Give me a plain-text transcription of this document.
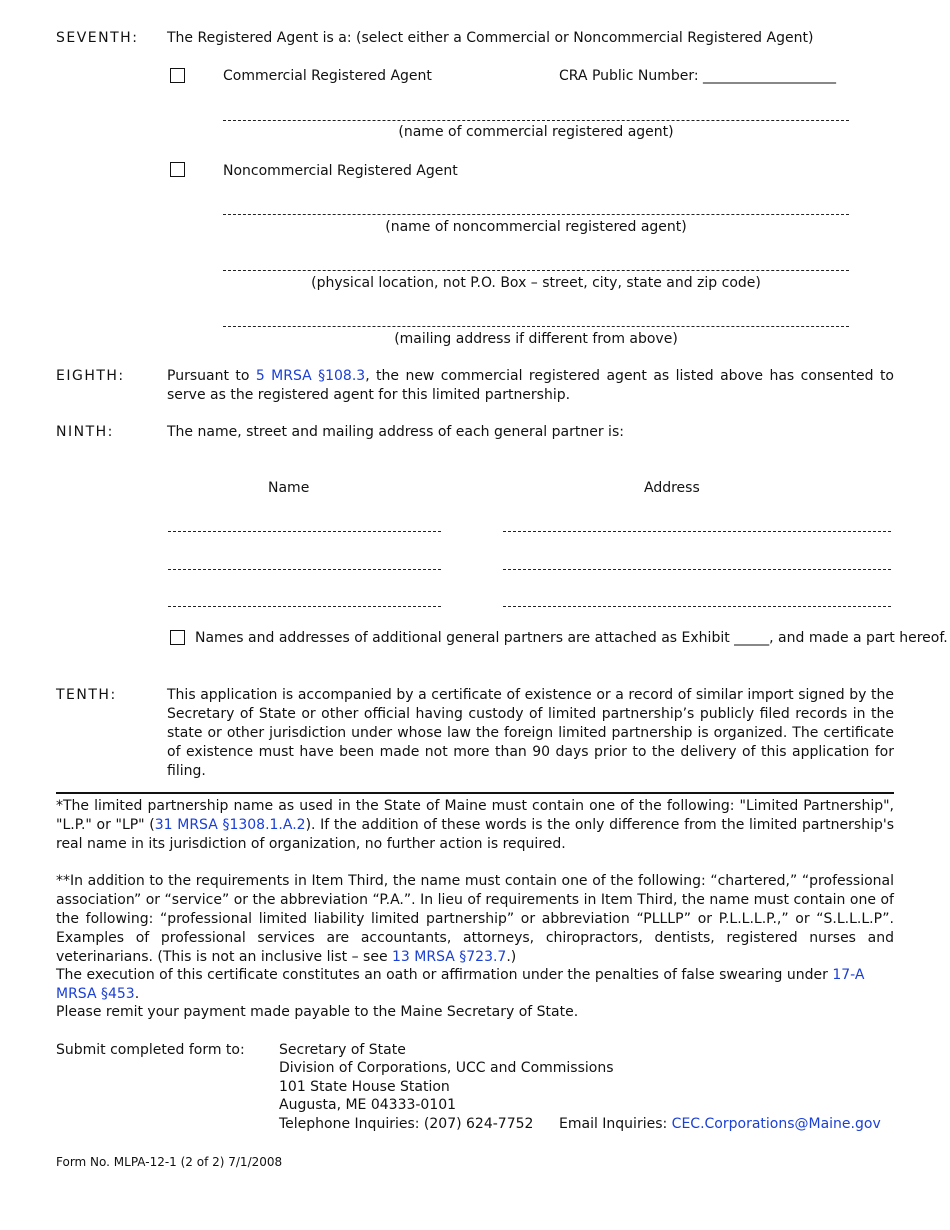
SEVENTH: The Registered Agent is a: (select either a Commercial or Noncommercial Registered Agent)
Commercial Registered Agent	CRA Public Number: ___________________
(name of commercial registered agent)
Noncommercial Registered Agent
(name of noncommercial registered agent)
(physical location, not P.O. Box – street, city, state and zip code)
(mailing address if different from above)
EIGHTH:	Pursuant to 5 MRSA §108.3, the new commercial registered agent as listed above has consented to serve as the registered agent for this limited partnership.
NINTH:	The name, street and mailing address of each general partner is:
Name	Address
Names and addresses of additional general partners are attached as Exhibit _____, and made a part hereof.
TENTH:	This application is accompanied by a certificate of existence or a record of similar import signed by the Secretary of State or other official having custody of limited partnership’s publicly filed records in the state or other jurisdiction under whose law the foreign limited partnership is organized. The certificate of existence must have been made not more than 90 days prior to the delivery of this application for filing.
*The limited partnership name as used in the State of Maine must contain one of the following: "Limited Partnership", "L.P." or "LP" (31 MRSA §1308.1.A.2). If the addition of these words is the only difference from the limited partnership's real name in its jurisdiction of organization, no further action is required.
**In addition to the requirements in Item Third, the name must contain one of the following: “chartered,” “professional association” or “service” or the abbreviation “P.A.”. In lieu of requirements in Item Third, the name must contain one of the following: “professional limited liability limited partnership” or abbreviation “PLLLP” or P.L.L.L.P.,” or “S.L.L.L.P”. Examples of professional services are accountants, attorneys, chiropractors, dentists, registered nurses and veterinarians. (This is not an inclusive list – see 13 MRSA §723.7.)
The execution of this certificate constitutes an oath or affirmation under the penalties of false swearing under 17-A MRSA §453.
Please remit your payment made payable to the Maine Secretary of State.
Submit completed form to: Secretary of State
Division of Corporations, UCC and Commissions
101 State House Station
Augusta, ME 04333-0101
Telephone Inquiries: (207) 624-7752 Email Inquiries: CEC.Corporations@Maine.gov
Form No. MLPA-12-1 (2 of 2) 7/1/2008
